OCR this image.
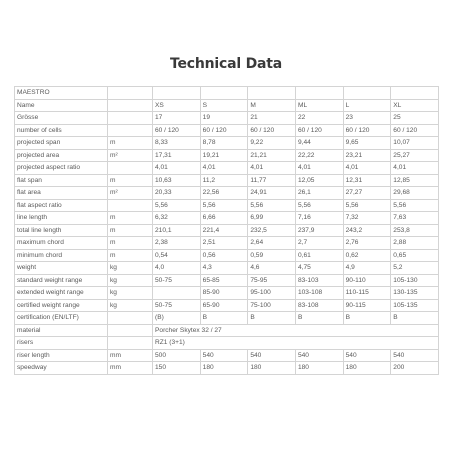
Technical Data
MAESTRO							
Name		XS	S	M	ML	L	XL
Grösse		17	19	21	22	23	25
number of cells		60 / 120	60 / 120	60 / 120	60 / 120	60 / 120	60 / 120
projected span	m	8,33	8,78	9,22	9,44	9,65	10,07
projected area	m²	17,31	19,21	21,21	22,22	23,21	25,27
projected aspect ratio		4,01	4,01	4,01	4,01	4,01	4,01
flat span	m	10,63	11,2	11,77	12,05	12,31	12,85
flat area	m²	20,33	22,56	24,91	26,1	27,27	29,68
flat aspect ratio		5,56	5,56	5,56	5,56	5,56	5,56
line length	m	6,32	6,66	6,99	7,16	7,32	7,63
total line length	m	210,1	221,4	232,5	237,9	243,2	253,8
maximum chord	m	2,38	2,51	2,64	2,7	2,76	2,88
minimum chord	m	0,54	0,56	0,59	0,61	0,62	0,65
weight	kg	4,0	4,3	4,6	4,75	4,9	5,2
standard weight range	kg	50-75	65-85	75-95	83-103	90-110	105-130
extended weight range	kg		85-90	95-100	103-108	110-115	130-135
certified weight range	kg	50-75	65-90	75-100	83-108	90-115	105-135
certification (EN/LTF)		(B)	B	B	B	B	B
material		Porcher Skytex 32 / 27					
risers		RZ1 (3+1)					
riser length	mm	500	540	540	540	540	540
speedway	mm	150	180	180	180	180	200
